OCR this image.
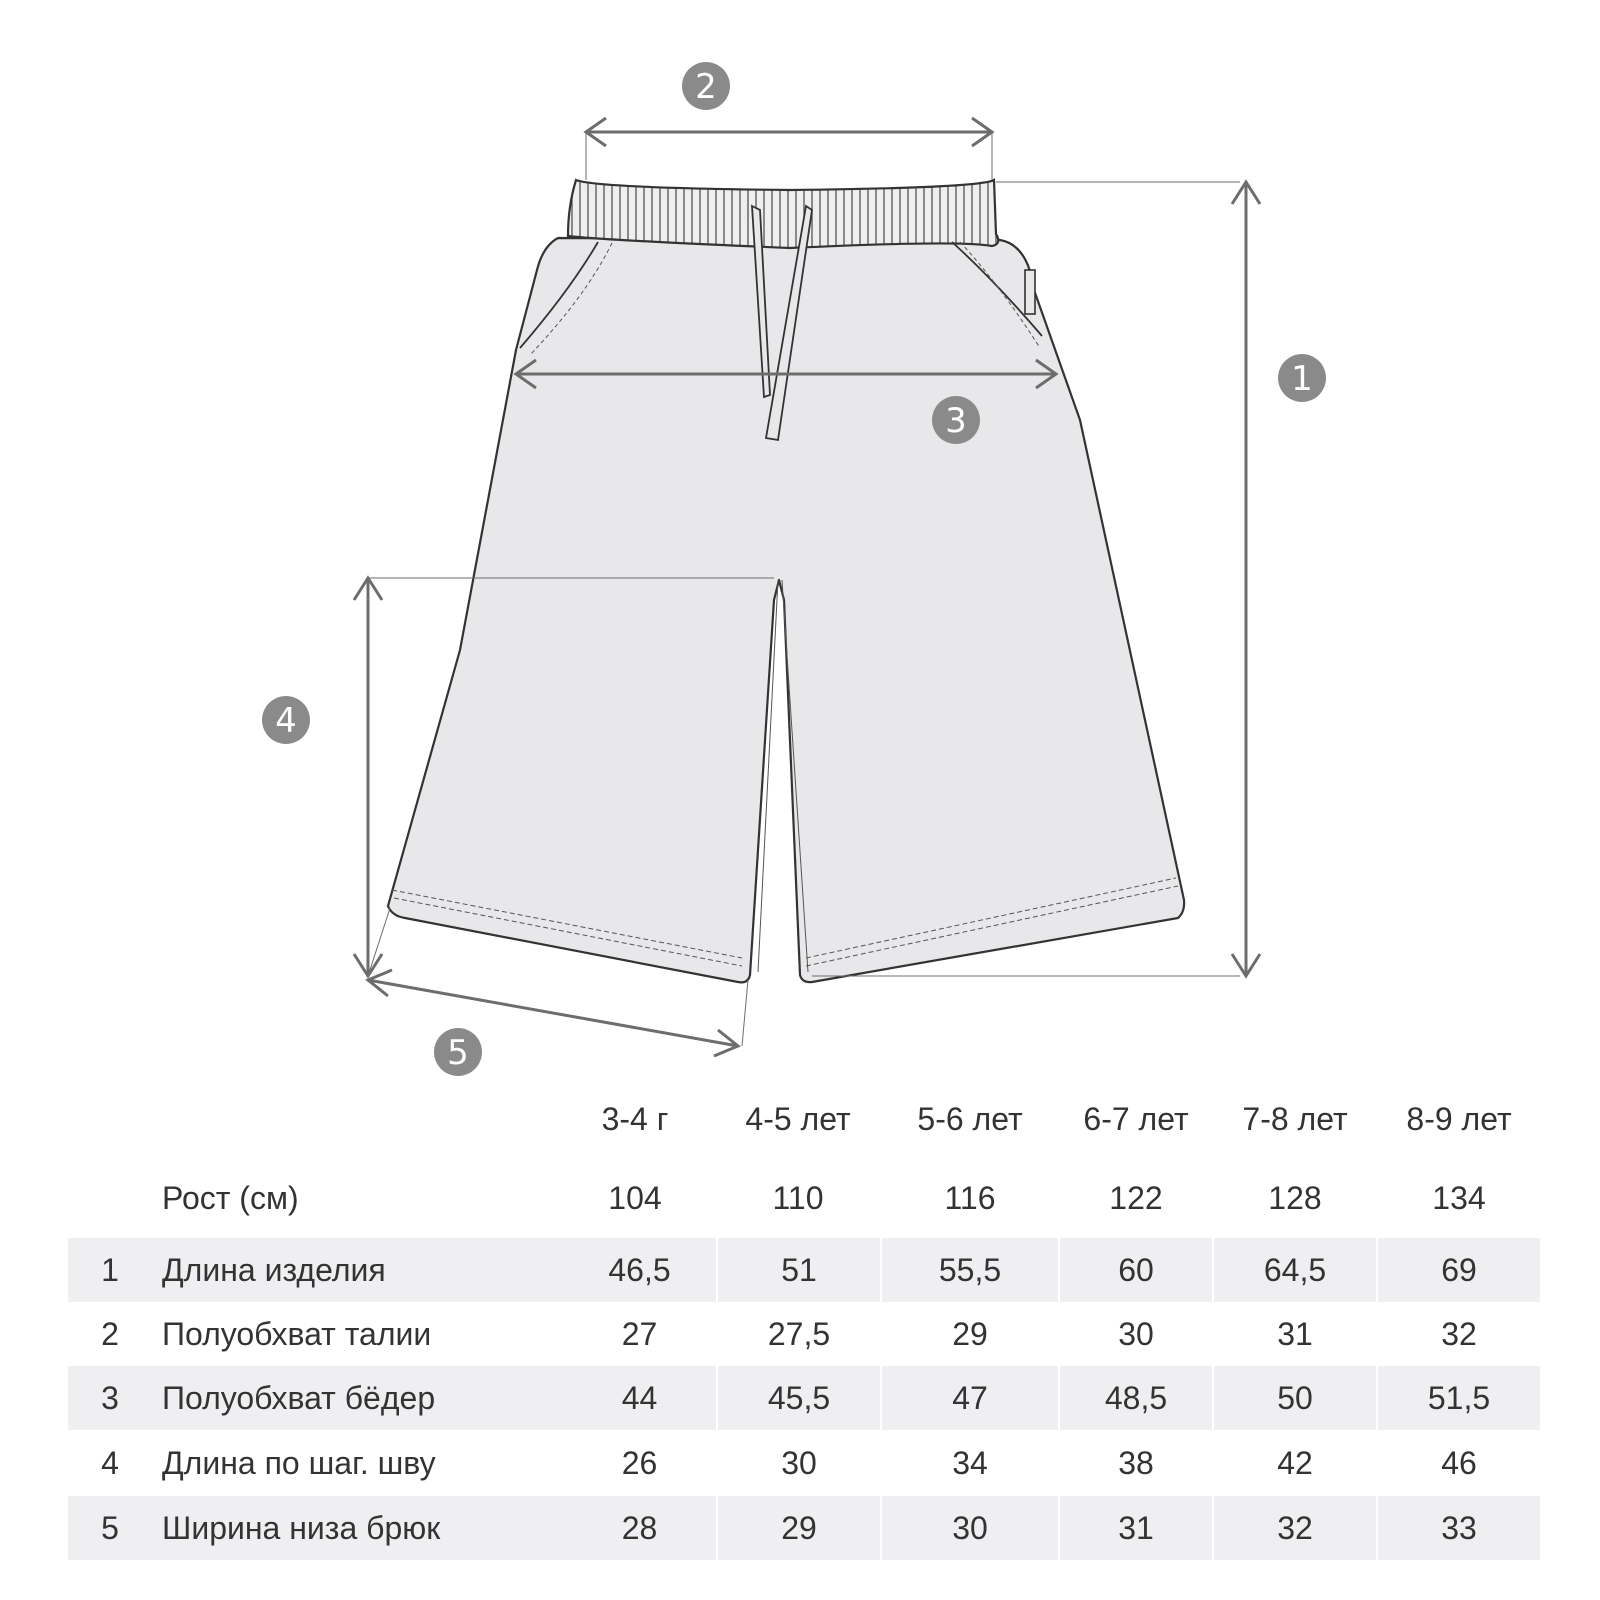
2
1
3
4
5
3-4 г	4-5 лет	5-6 лет	6-7 лет	7-8 лет	8-9 лет
Рост (см)	104	110	116	122	128	134
1	Длина изделия	46,5	51	55,5	60	64,5	69
2	Полуобхват талии	27	27,5	29	30	31	32
3	Полуобхват бёдер	44	45,5	47	48,5	50	51,5
4	Длина по шаг. шву	26	30	34	38	42	46
5	Ширина низа брюк	28	29	30	31	32	33
